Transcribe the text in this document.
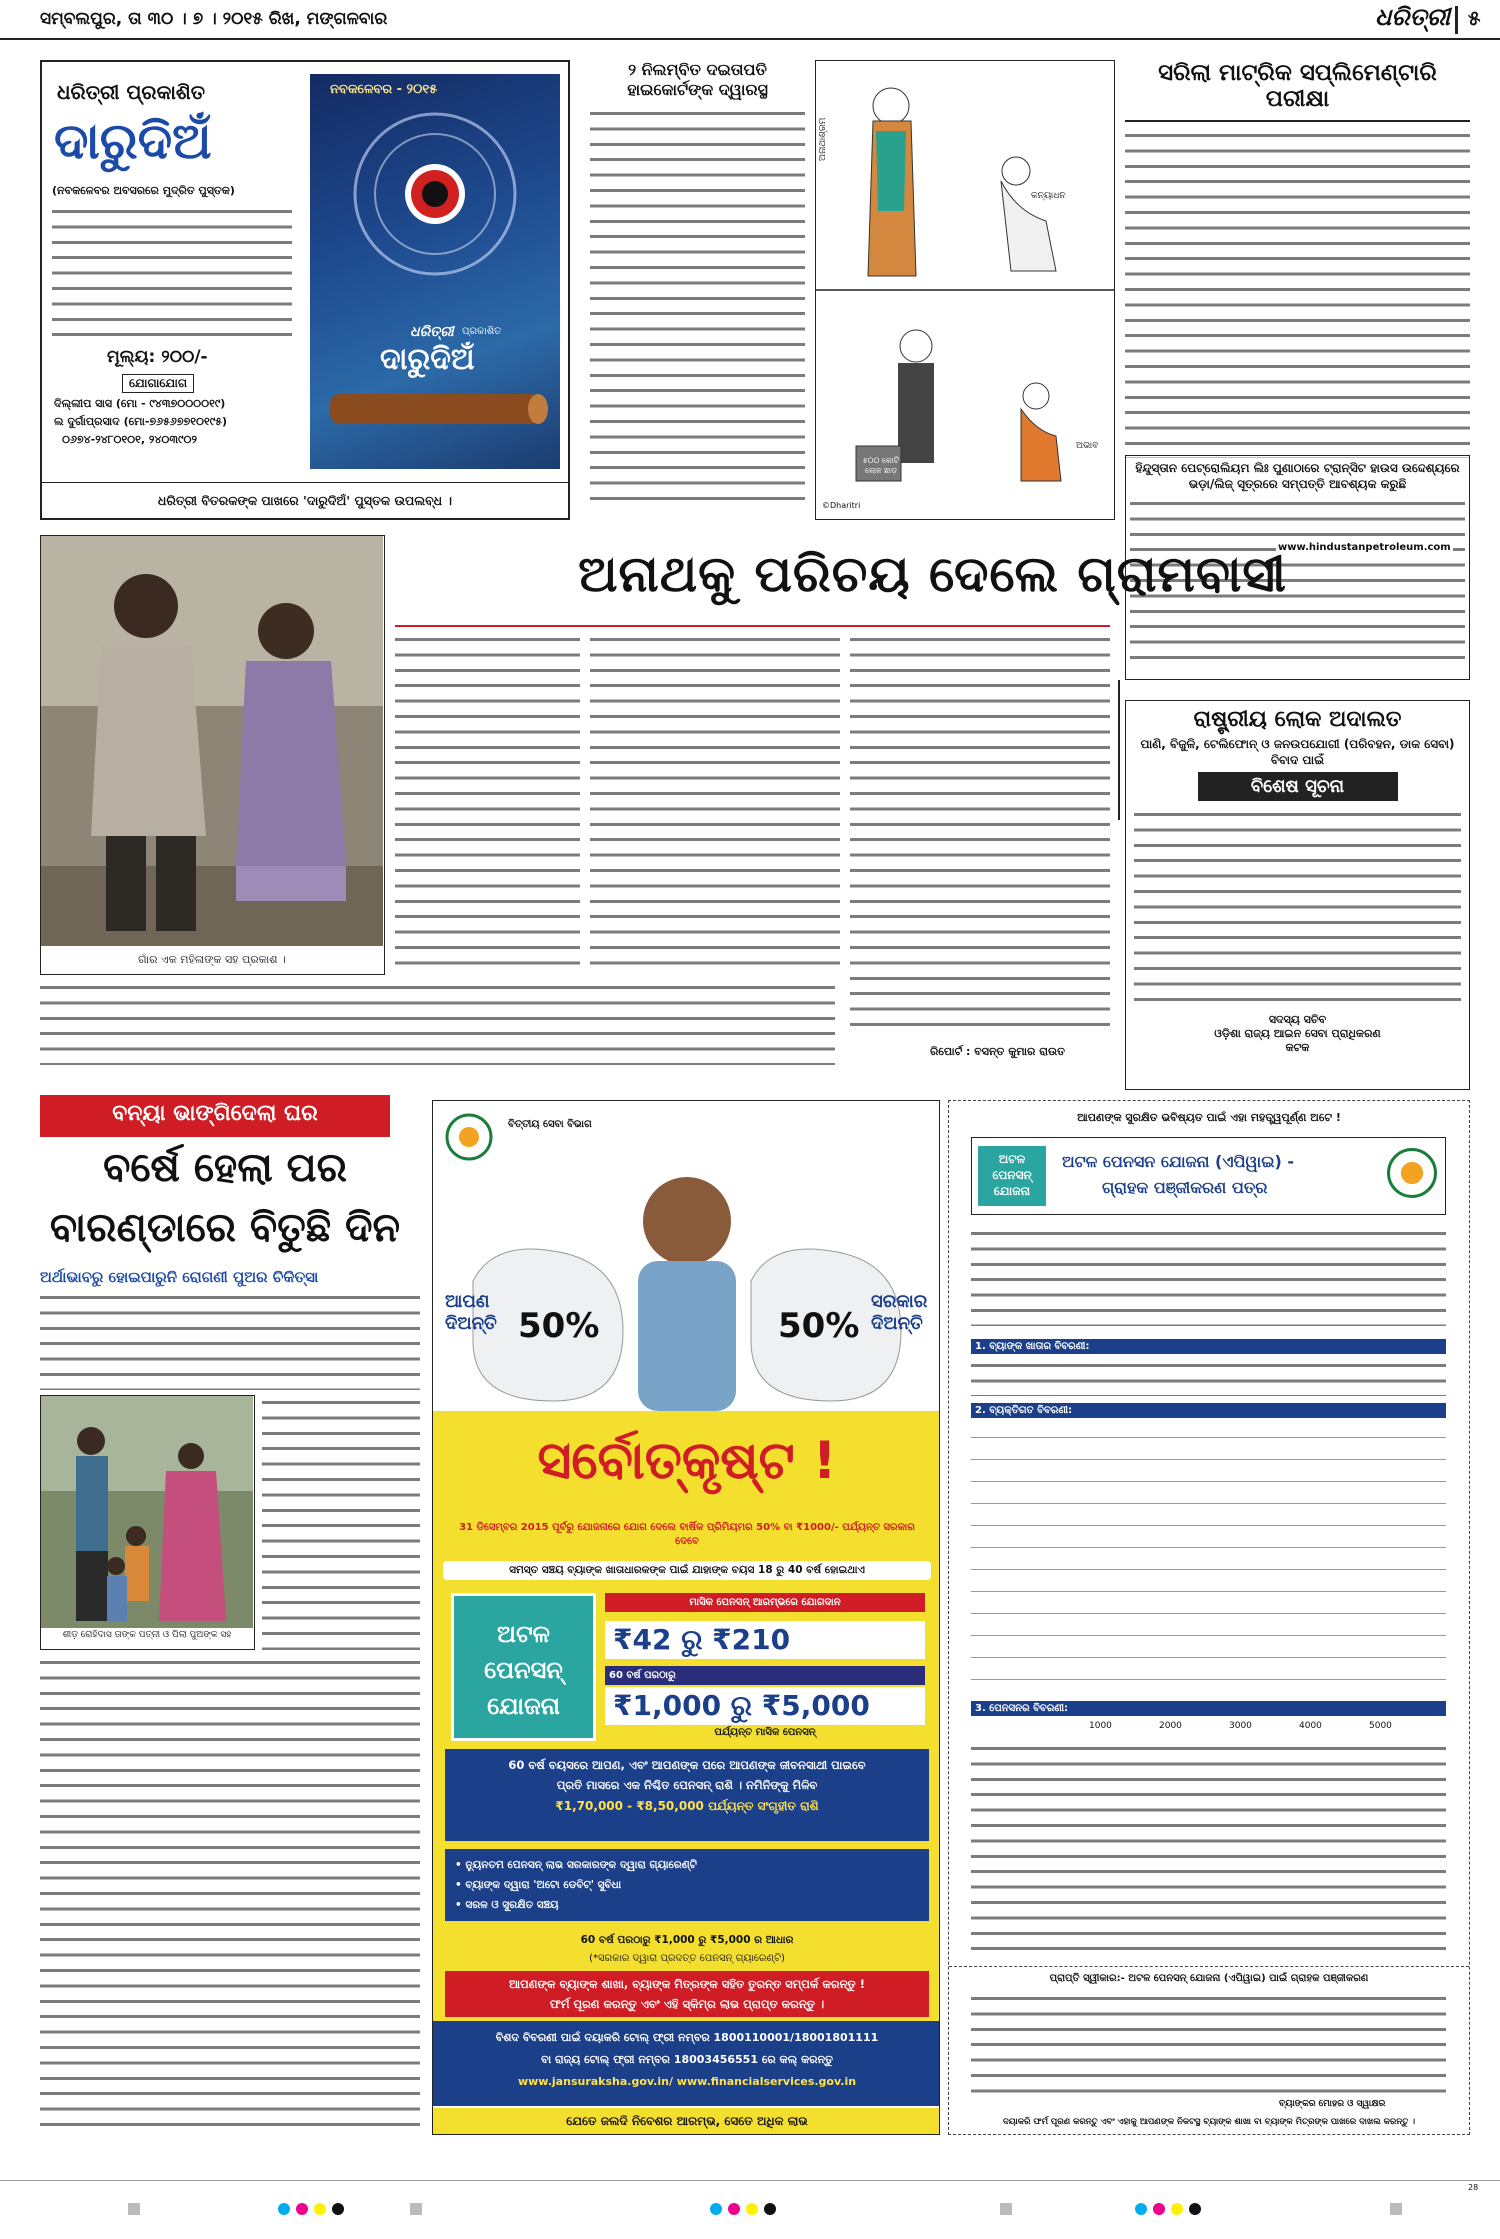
ସମ୍ବଲପୁର, ତା ୩୦ । ୭ । ୨୦୧୫ ରିଖ, ମଙ୍ଗଳବାର	ଧରିତ୍ରୀ ୫
ଧରିତ୍ରୀ ପ୍ରକାଶିତ
ଦାରୁଦିଅଁ
(ନବକଳେବର ଅବସରରେ ମୁଦ୍ରିତ ପୁସ୍ତକ)
ମୂଲ୍ୟ: ୨୦୦/-
ଯୋଗାଯୋଗ
ଦିଲ୍ଲୀପ ସାସ (ମୋ - ୯୪୩୭୦୦୦୦୧୯)
ଲ ଦୁର୍ଗାପ୍ରସାଦ (ମୋ-୭୬୫୬୭୭୧୦୧୯୫)
୦୬୭୪-୨୪୮୦୧୦୧, ୨୪୦୩୯୦୨
ନବକଳେବର - ୨୦୧୫
ଧରିତ୍ରୀ ପ୍ରକାଶିତ
ଦାରୁଦିଅଁ
ଧରିତ୍ରୀ ବିତରକଙ୍କ ପାଖରେ 'ଦାରୁଦିଅଁ' ପୁସ୍ତକ ଉପଲବ୍ଧ ।
୨ ନିଲମ୍ବିତ ଦଇତାପତି
ହାଇକୋର୍ଟଙ୍କ ଦ୍ୱାରସ୍ଥ
ଅନାଥାଶ୍ରମ
କନ୍ୟାଧନ
୫୦୦ କୋଟି ଲୋନ ଛାଡ଼
ଅଭାବ
©Dharitri
ସରିଲା ମାଟ୍ରିକ ସପ୍ଲିମେଣ୍ଟାରି ପରୀକ୍ଷା
ହିନ୍ଦୁସ୍ତାନ ପେଟ୍ରୋଲିୟମ ଲିଃ ପୁଣାଠାରେ ଟ୍ରାନ୍ସିଟ ହାଉସ ଉଦ୍ଦେଶ୍ୟରେ ଭଡ଼ା/ଲିଜ୍ ସୂତ୍ରରେ ସମ୍ପତ୍ତି ଆବଶ୍ୟକ କରୁଛି
www.hindustanpetroleum.com
ଗାଁର ଏକ ମହିଳାଙ୍କ ସହ ପ୍ରକାଶ ।
ଅନାଥକୁ ପରିଚୟ ଦେଲେ ଗ୍ରାମବାସୀ
ରିପୋର୍ଟ : ବସନ୍ତ କୁମାର ରାଉତ
ରାଷ୍ଟ୍ରୀୟ ଲୋକ ଅଦାଲତ
ପାଣି, ବିଜୁଳି, ଟେଲିଫୋନ୍ ଓ ଜନଉପଯୋଗୀ (ପରିବହନ, ଡାକ ସେବା) ବିବାଦ ପାଇଁ
ବିଶେଷ ସୂଚନା
ସଦସ୍ୟ ସଚିବ
ଓଡ଼ିଶା ରାଜ୍ୟ ଆଇନ ସେବା ପ୍ରାଧିକରଣ
କଟକ
ବନ୍ୟା ଭାଙ୍ଗିଦେଲା ଘର
ବର୍ଷେ ହେଲା ପର
ବାରଣ୍ଡାରେ ବିତୁଛି ଦିନ
ଅର୍ଥାଭାବରୁ ହୋଇପାରୁନି ରୋଗଣୀ ପୁଅର ଚିକିତ୍ସା
ଶୀଡ଼ ରୋହିଦାସ ତାଙ୍କ ପତ୍ନୀ ଓ ପିଲା ପୁଅଙ୍କ ସହ
ବିତ୍ତୀୟ ସେବା ବିଭାଗ
ଆପଣ ଦିଅନ୍ତି 50%	50%
ସରକାର ଦିଅନ୍ତି
ସର୍ବୋତ୍କୃଷ୍ଟ !
31 ଡିସେମ୍ବର 2015 ପୂର୍ବରୁ ଯୋଜନାରେ ଯୋଗ ଦେଲେ ବାର୍ଷିକ ପ୍ରିମିୟମର 50% ବା ₹1000/- ପର୍ଯ୍ୟନ୍ତ ସରକାର ଦେବେ
ସମସ୍ତ ସଞ୍ଚୟ ବ୍ୟାଙ୍କ ଖାତାଧାରକଙ୍କ ପାଇଁ ଯାହାଙ୍କ ବୟସ 18 ରୁ 40 ବର୍ଷ ହୋଇଥାଏ
ଅଟଳ ପେନସନ୍ ଯୋଜନା
ମାସିକ ପେନସନ୍ ଆରମ୍ଭରେ ଯୋଗଦାନ
₹42 ରୁ ₹210
60 ବର୍ଷ ପରଠାରୁ
₹1,000 ରୁ ₹5,000
ପର୍ଯ୍ୟନ୍ତ ମାସିକ ପେନସନ୍
60 ବର୍ଷ ବୟସରେ ଆପଣ, ଏବଂ ଆପଣଙ୍କ ପରେ ଆପଣଙ୍କ ଜୀବନସାଥୀ ପାଇବେ
ପ୍ରତି ମାସରେ ଏକ ନିଶ୍ଚିତ ପେନସନ୍ ରାଶି । ନମିନିଙ୍କୁ ମିଳିବ
₹1,70,000 - ₹8,50,000 ପର୍ଯ୍ୟନ୍ତ ସଂଗୃହୀତ ରାଶି
• ନ୍ୟୁନତମ ପେନସନ୍ ଲାଭ ସରକାରଙ୍କ ଦ୍ୱାରା ଗ୍ୟାରେଣ୍ଟି
• ବ୍ୟାଙ୍କ ଦ୍ୱାରା 'ଅଟୋ ଡେବିଟ୍' ସୁବିଧା
• ସରଳ ଓ ସୁରକ୍ଷିତ ସଞ୍ଚୟ
60 ବର୍ଷ ପରଠାରୁ ₹1,000 ରୁ ₹5,000 ର ଆଧାର
(*ସରକାର ଦ୍ୱାରା ପ୍ରଦତ୍ତ ପେନସନ୍ ଗ୍ୟାରେଣ୍ଟି)
ଆପଣଙ୍କ ବ୍ୟାଙ୍କ ଶାଖା, ବ୍ୟାଙ୍କ ମିତ୍ରଙ୍କ ସହିତ ତୁରନ୍ତ ସମ୍ପର୍କ କରନ୍ତୁ !
ଫର୍ମ ପୂରଣ କରନ୍ତୁ ଏବଂ ଏହି ସ୍କିମ୍‌ର ଲାଭ ପ୍ରାପ୍ତ କରନ୍ତୁ ।
ବିଶଦ ବିବରଣୀ ପାଇଁ ଦୟାକରି ଟୋଲ୍ ଫ୍ରୀ ନମ୍ବର 1800110001/18001801111
ବା ରାଜ୍ୟ ଟୋଲ୍ ଫ୍ରୀ ନମ୍ବର 18003456551 ରେ କଲ୍ କରନ୍ତୁ
www.jansuraksha.gov.in/ www.financialservices.gov.in
ଯେତେ ଜଲଦି ନିବେଶର ଆରମ୍ଭ, ସେତେ ଅଧିକ ଲାଭ
ଆପଣଙ୍କ ସୁରକ୍ଷିତ ଭବିଷ୍ୟତ ପାଇଁ ଏହା ମହତ୍ତ୍ୱପୂର୍ଣ୍ଣ ଅଟେ !
ଅଟଳ ପେନସନ୍ ଯୋଜନା
ଅଟଳ ପେନସନ ଯୋଜନା (ଏପିୱାଇ) -
ଗ୍ରାହକ ପଞ୍ଜୀକରଣ ପତ୍ର
1. ବ୍ୟାଙ୍କ ଖାତାର ବିବରଣୀ:
2. ବ୍ୟକ୍ତିଗତ ବିବରଣୀ:
3. ପେନସନର ବିବରଣୀ:
1000	2000	3000	4000	5000
ପ୍ରାପ୍ତି ସ୍ୱୀକାର:- ଅଟଳ ପେନସନ୍ ଯୋଜନା (ଏପିୱାଇ) ପାଇଁ ଗ୍ରାହକ ପଞ୍ଜୀକରଣ
ବ୍ୟାଙ୍କର ମୋହର ଓ ସ୍ୱାକ୍ଷର
ଦୟାକରି ଫର୍ମ ପୂରଣ କରନ୍ତୁ ଏବଂ ଏହାକୁ ଆପଣଙ୍କ ନିକଟସ୍ଥ ବ୍ୟାଙ୍କ ଶାଖା ବା ବ୍ୟାଙ୍କ ମିତ୍ରଙ୍କ ପାଖରେ ଦାଖଲ କରନ୍ତୁ ।
28
